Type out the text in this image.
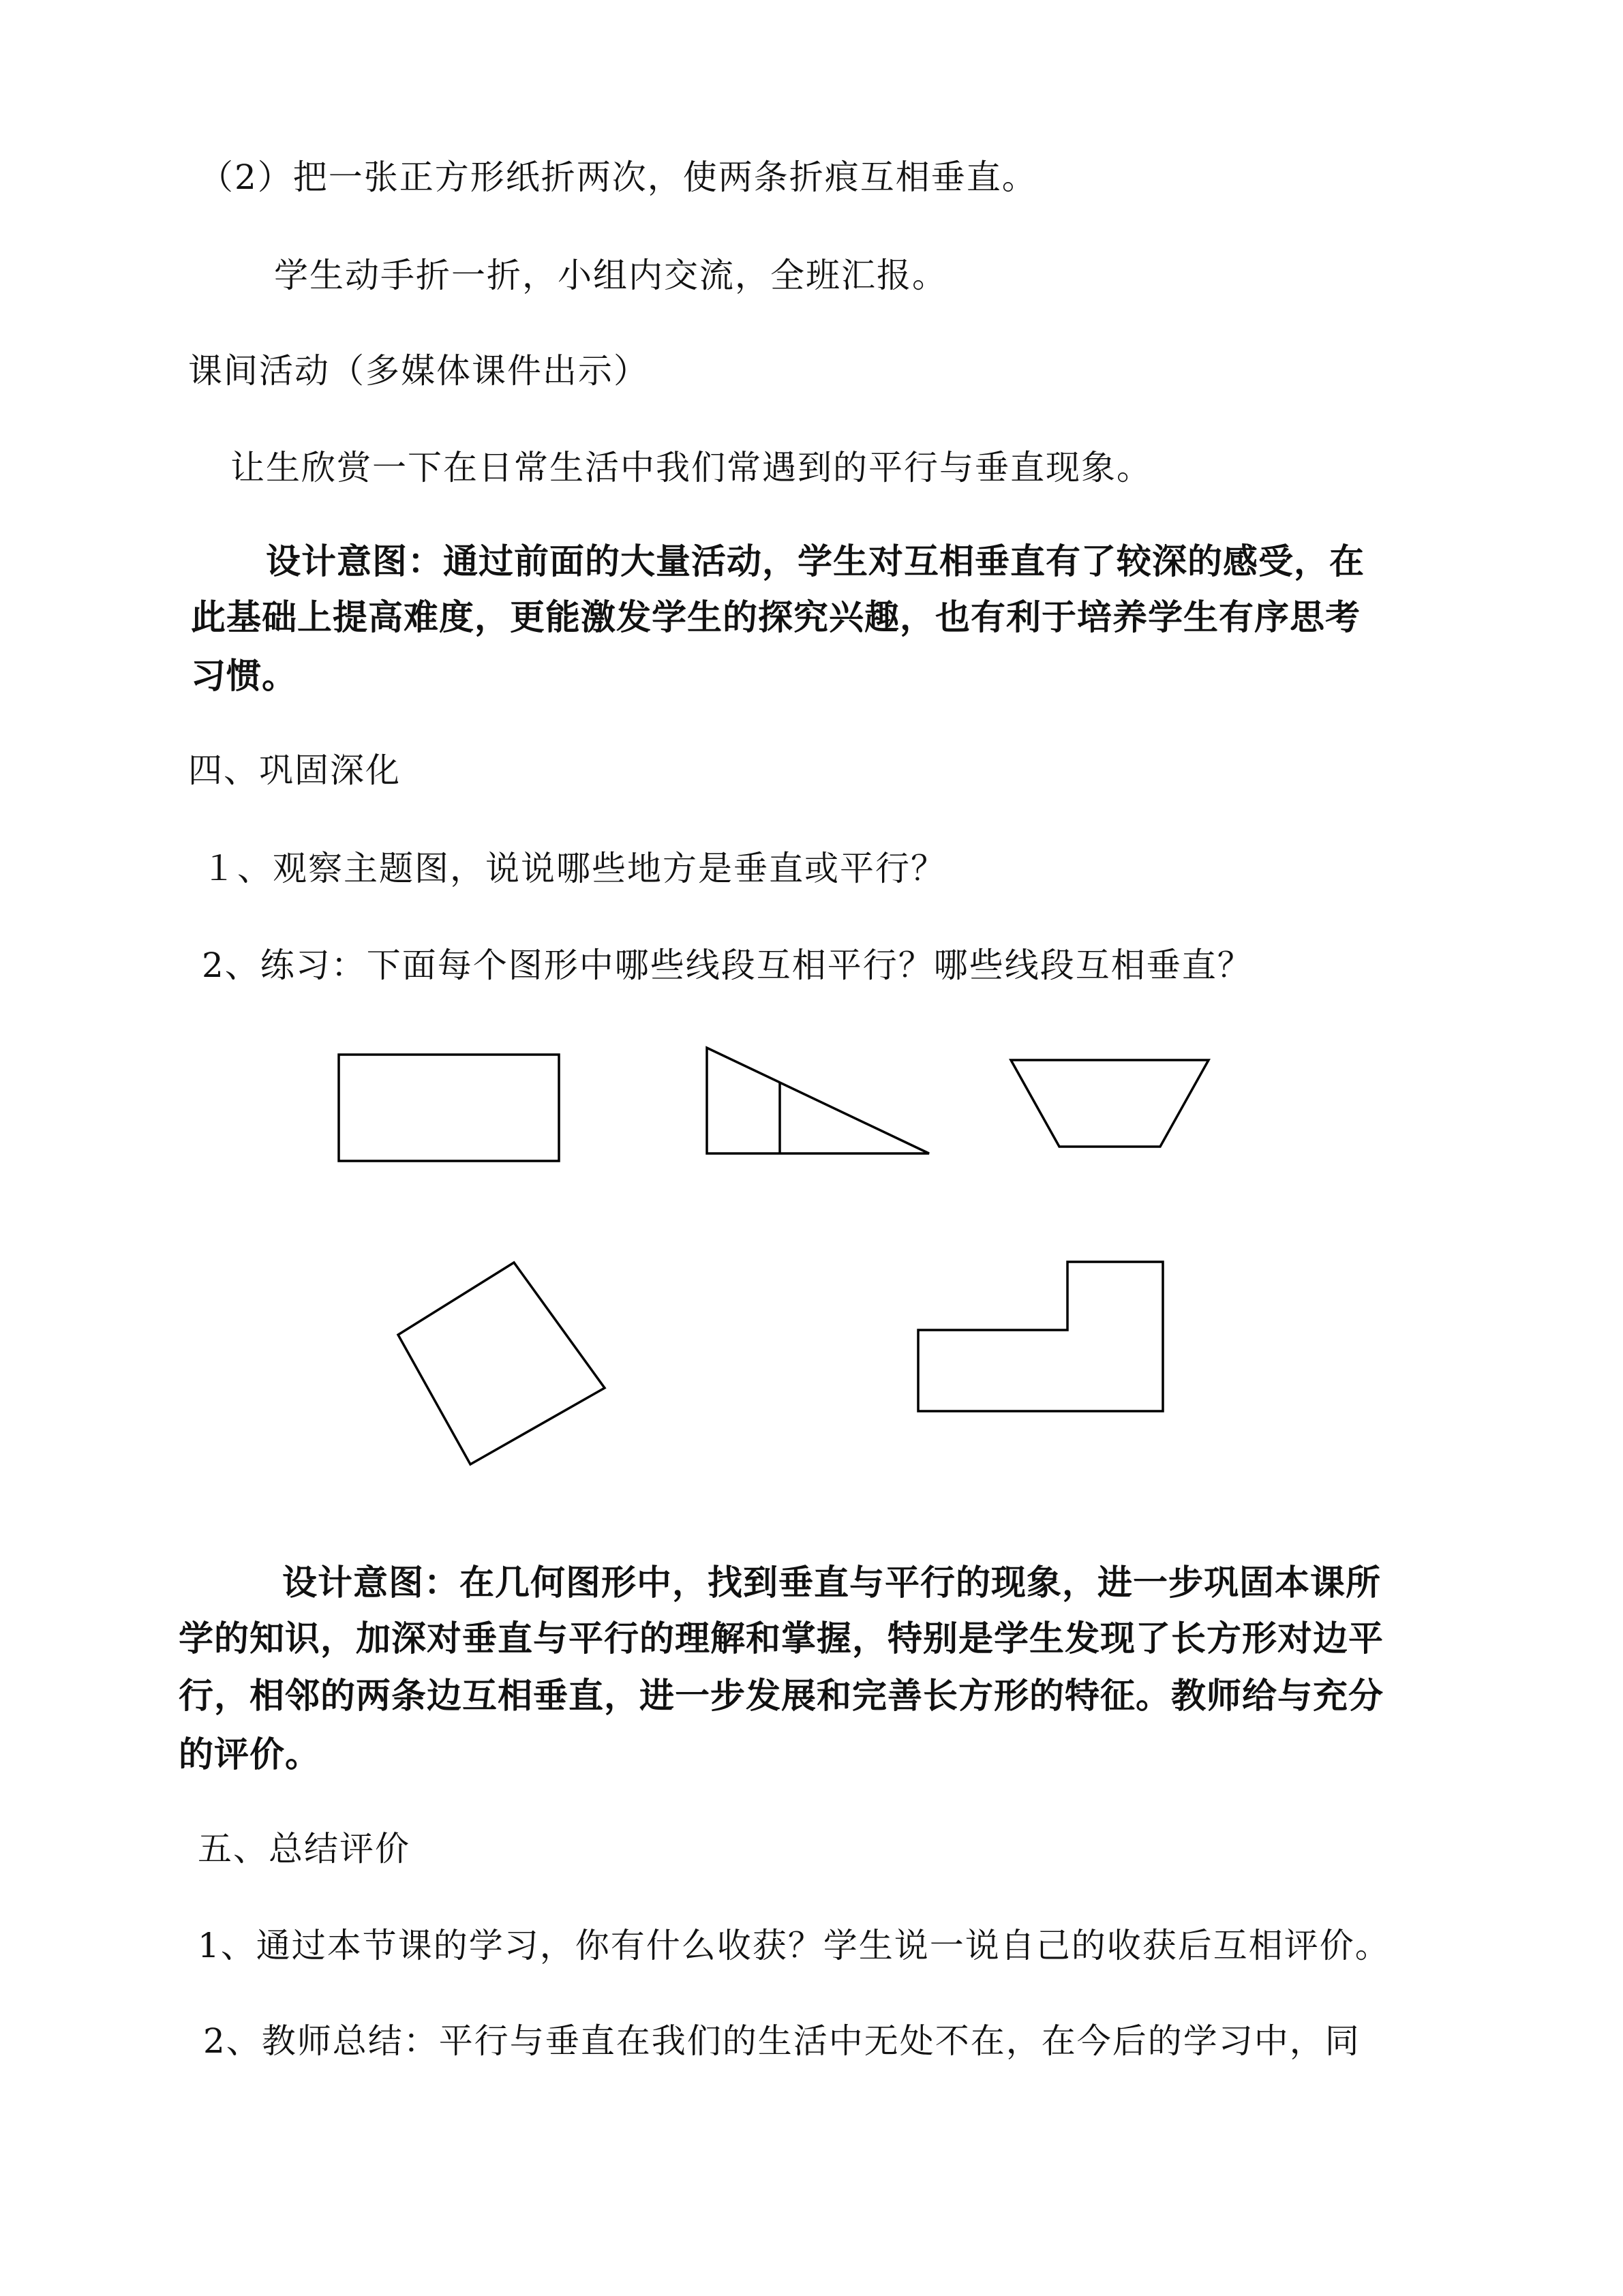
（2）把一张正方形纸折两次，使两条折痕互相垂直。

学生动手折一折，小组内交流，全班汇报。

课间活动（多媒体课件出示）

让生欣赏一下在日常生活中我们常遇到的平行与垂直现象。

设计意图：通过前面的大量活动，学生对互相垂直有了较深的感受，在

此基础上提高难度，更能激发学生的探究兴趣，也有利于培养学生有序思考

习惯。

四、巩固深化

１、观察主题图，说说哪些地方是垂直或平行？

2、练习：下面每个图形中哪些线段互相平行？哪些线段互相垂直？

设计意图：在几何图形中，找到垂直与平行的现象，进一步巩固本课所

学的知识，加深对垂直与平行的理解和掌握，特别是学生发现了长方形对边平

行，相邻的两条边互相垂直，进一步发展和完善长方形的特征。教师给与充分

的评价。

五、总结评价

1、通过本节课的学习，你有什么收获？学生说一说自己的收获后互相评价。

2、教师总结：平行与垂直在我们的生活中无处不在，在今后的学习中，同
